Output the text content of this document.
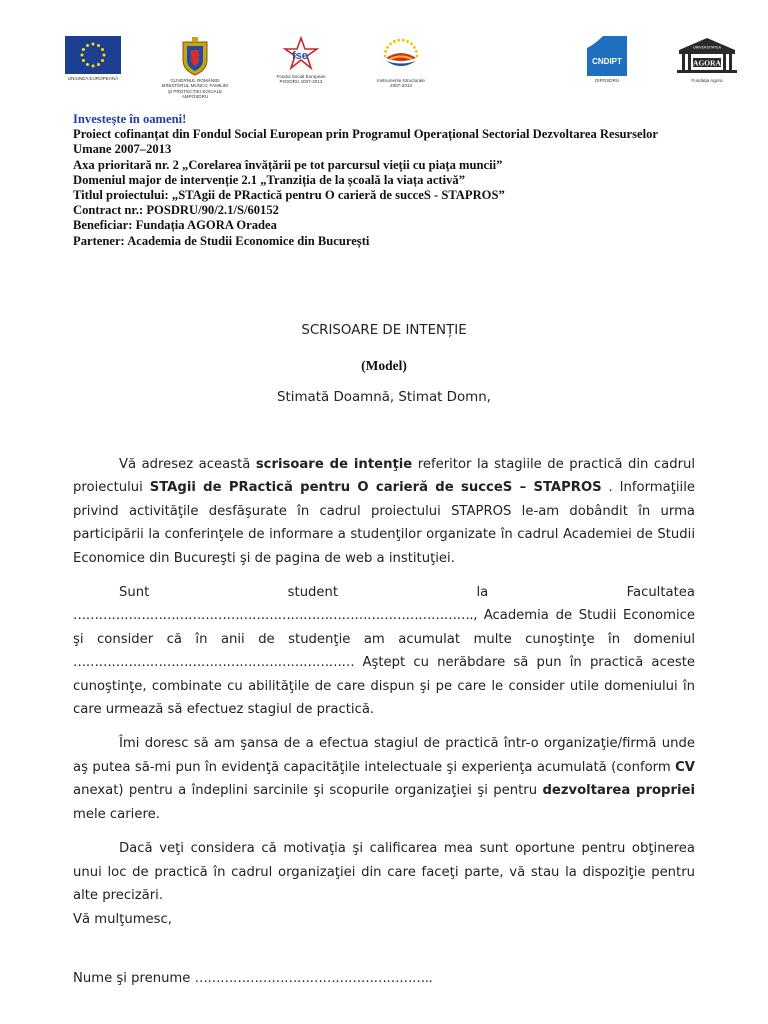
UNIUNEA EUROPEANĂ	GUVERNUL ROMÂNIEI
MINISTERUL MUNCII, FAMILIEI
ŞI PROTECŢIEI SOCIALE
AMPOSDRU
fse
Fondul Social European
POSDRU 2007-2013	Instrumente Structurale
2007-2013
CNDIPT
OIPOSDRU
UNIVERSITATEA
AGORA
Fundația Agora
Investeşte în oameni!
Proiect cofinanțat din Fondul Social European prin Programul Operațional Sectorial Dezvoltarea Resurselor
Umane 2007–2013
Axa prioritară nr. 2 „Corelarea învățării pe tot parcursul vieții cu piața muncii”
Domeniul major de intervenție 2.1 „Tranziția de la școală la viața activă”
Titlul proiectului: „STAgii de PRactică pentru O carieră de succeS - STAPROS”
Contract nr.: POSDRU/90/2.1/S/60152
Beneficiar: Fundația AGORA Oradea
Partener: Academia de Studii Economice din București
SCRISOARE DE INTENȚIE
(Model)
Stimată Doamnă, Stimat Domn,

Vă adresez această scrisoare de intenţie referitor la stagiile de practică din cadrul proiectului STAgii de PRactică pentru O carieră de succeS – STAPROS . Informaţiile privind activităţile desfăşurate în cadrul proiectului STAPROS le-am dobândit în urma participării la conferinţele de informare a studenţilor organizate în cadrul Academiei de Studii Economice din Bucureşti şi de pagina de web a instituţiei.

Sunt	student	la	Facultatea

…………………………………………………………………………………., Academia de Studii Economice şi consider că în anii de studenţie am acumulat multe cunoştinţe în domeniul ………………………………………………………… Aştept cu nerăbdare să pun în practică aceste cunoştinţe, combinate cu abilităţile de care dispun şi pe care le consider utile domeniului în care urmează să efectuez stagiul de practică.

Îmi doresc să am şansa de a efectua stagiul de practică într-o organizaţie/firmă unde aş putea să-mi pun în evidenţă capacităţile intelectuale şi experienţa acumulată (conform CV anexat) pentru a îndeplini sarcinile şi scopurile organizaţiei şi pentru dezvoltarea propriei mele cariere.

Dacă veţi considera că motivaţia şi calificarea mea sunt oportune pentru obţinerea unui loc de practică în cadrul organizaţiei din care faceţi parte, vă stau la dispoziţie pentru alte precizări.

Vă mulţumesc,
Nume şi prenume ………………………………………………..
